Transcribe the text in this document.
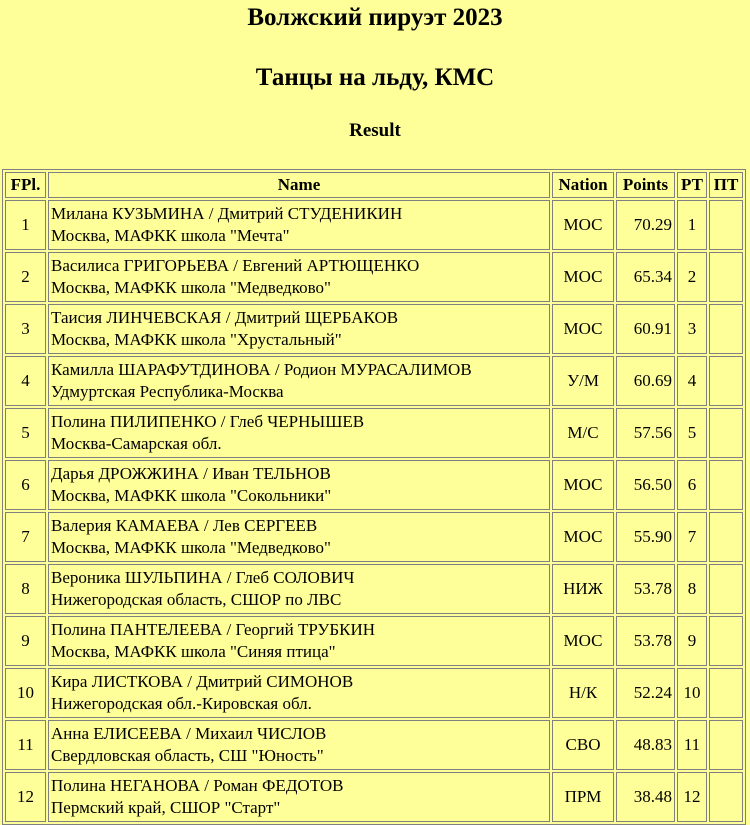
Волжский пируэт 2023
Танцы на льду, КМС
Result
FPl.	Name	Nation	Points	РТ	ПТ
1	Милана КУЗЬМИНА / Дмитрий СТУДЕНИКИН
Москва, МАФКК школа "Мечта"	МОС	70.29	1	
2	Василиса ГРИГОРЬЕВА / Евгений АРТЮЩЕНКО
Москва, МАФКК школа "Медведково"	МОС	65.34	2	
3	Таисия ЛИНЧЕВСКАЯ / Дмитрий ЩЕРБАКОВ
Москва, МАФКК школа "Хрустальный"	МОС	60.91	3	
4	Камилла ШАРАФУТДИНОВА / Родион МУРАСАЛИМОВ
Удмуртская Республика-Москва	У/М	60.69	4	
5	Полина ПИЛИПЕНКО / Глеб ЧЕРНЫШЕВ
Москва-Самарская обл.	М/С	57.56	5	
6	Дарья ДРОЖЖИНА / Иван ТЕЛЬНОВ
Москва, МАФКК школа "Сокольники"	МОС	56.50	6	
7	Валерия КАМАЕВА / Лев СЕРГЕЕВ
Москва, МАФКК школа "Медведково"	МОС	55.90	7	
8	Вероника ШУЛЬПИНА / Глеб СОЛОВИЧ
Нижегородская область, СШОР по ЛВС	НИЖ	53.78	8	
9	Полина ПАНТЕЛЕЕВА / Георгий ТРУБКИН
Москва, МАФКК школа "Синяя птица"	МОС	53.78	9	
10	Кира ЛИСТКОВА / Дмитрий СИМОНОВ
Нижегородская обл.-Кировская обл.	Н/К	52.24	10	
11	Анна ЕЛИСЕЕВА / Михаил ЧИСЛОВ
Свердловская область, СШ "Юность"	СВО	48.83	11	
12	Полина НЕГАНОВА / Роман ФЕДОТОВ
Пермский край, СШОР "Старт"	ПРМ	38.48	12	
